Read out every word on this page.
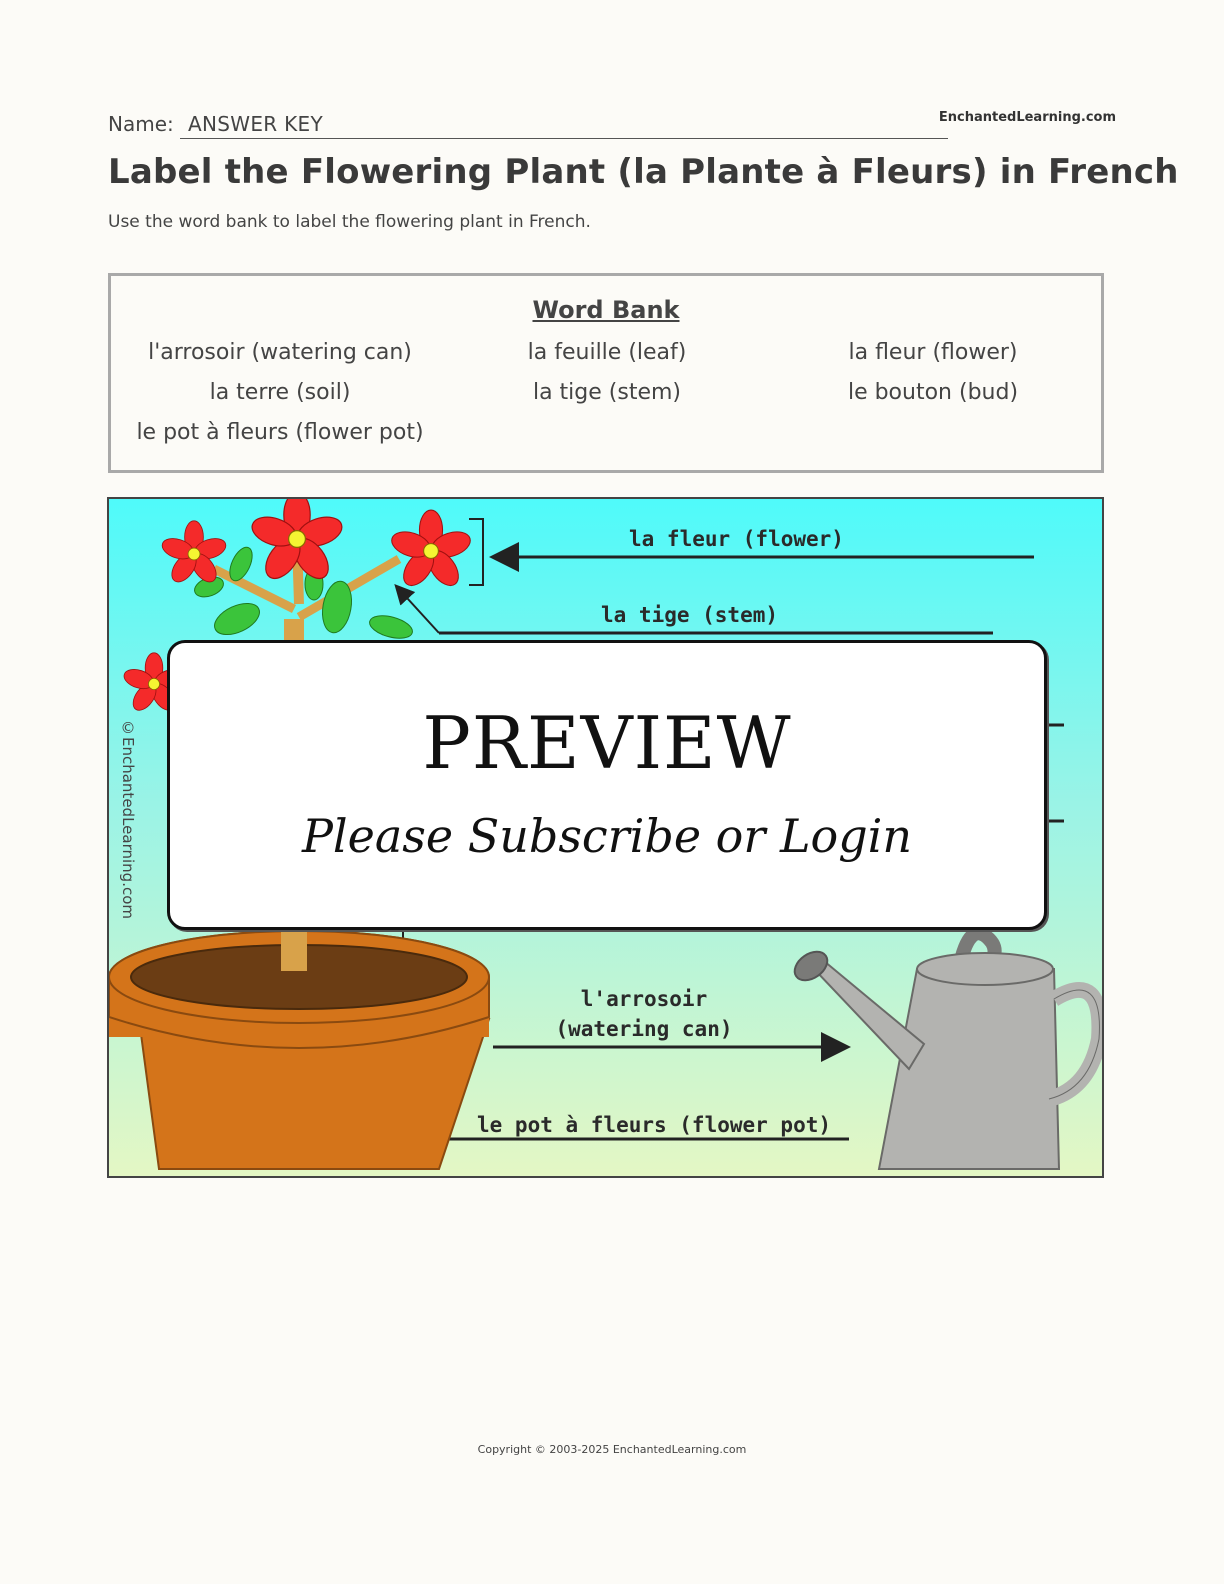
Name: ANSWER KEY	EnchantedLearning.com
Label the Flowering Plant (la Plante à Fleurs) in French
Use the word bank to label the flowering plant in French.
Word Bank
l'arrosoir (watering can)	la feuille (leaf)	la fleur (flower)
la terre (soil)	la tige (stem)	le bouton (bud)
le pot à fleurs (flower pot)
la fleur (flower)
la tige (stem)
l'arrosoir
(watering can)
le pot à fleurs (flower pot)
©EnchantedLearning.com	PREVIEW
Please Subscribe or Login
Copyright © 2003-2025 EnchantedLearning.com
